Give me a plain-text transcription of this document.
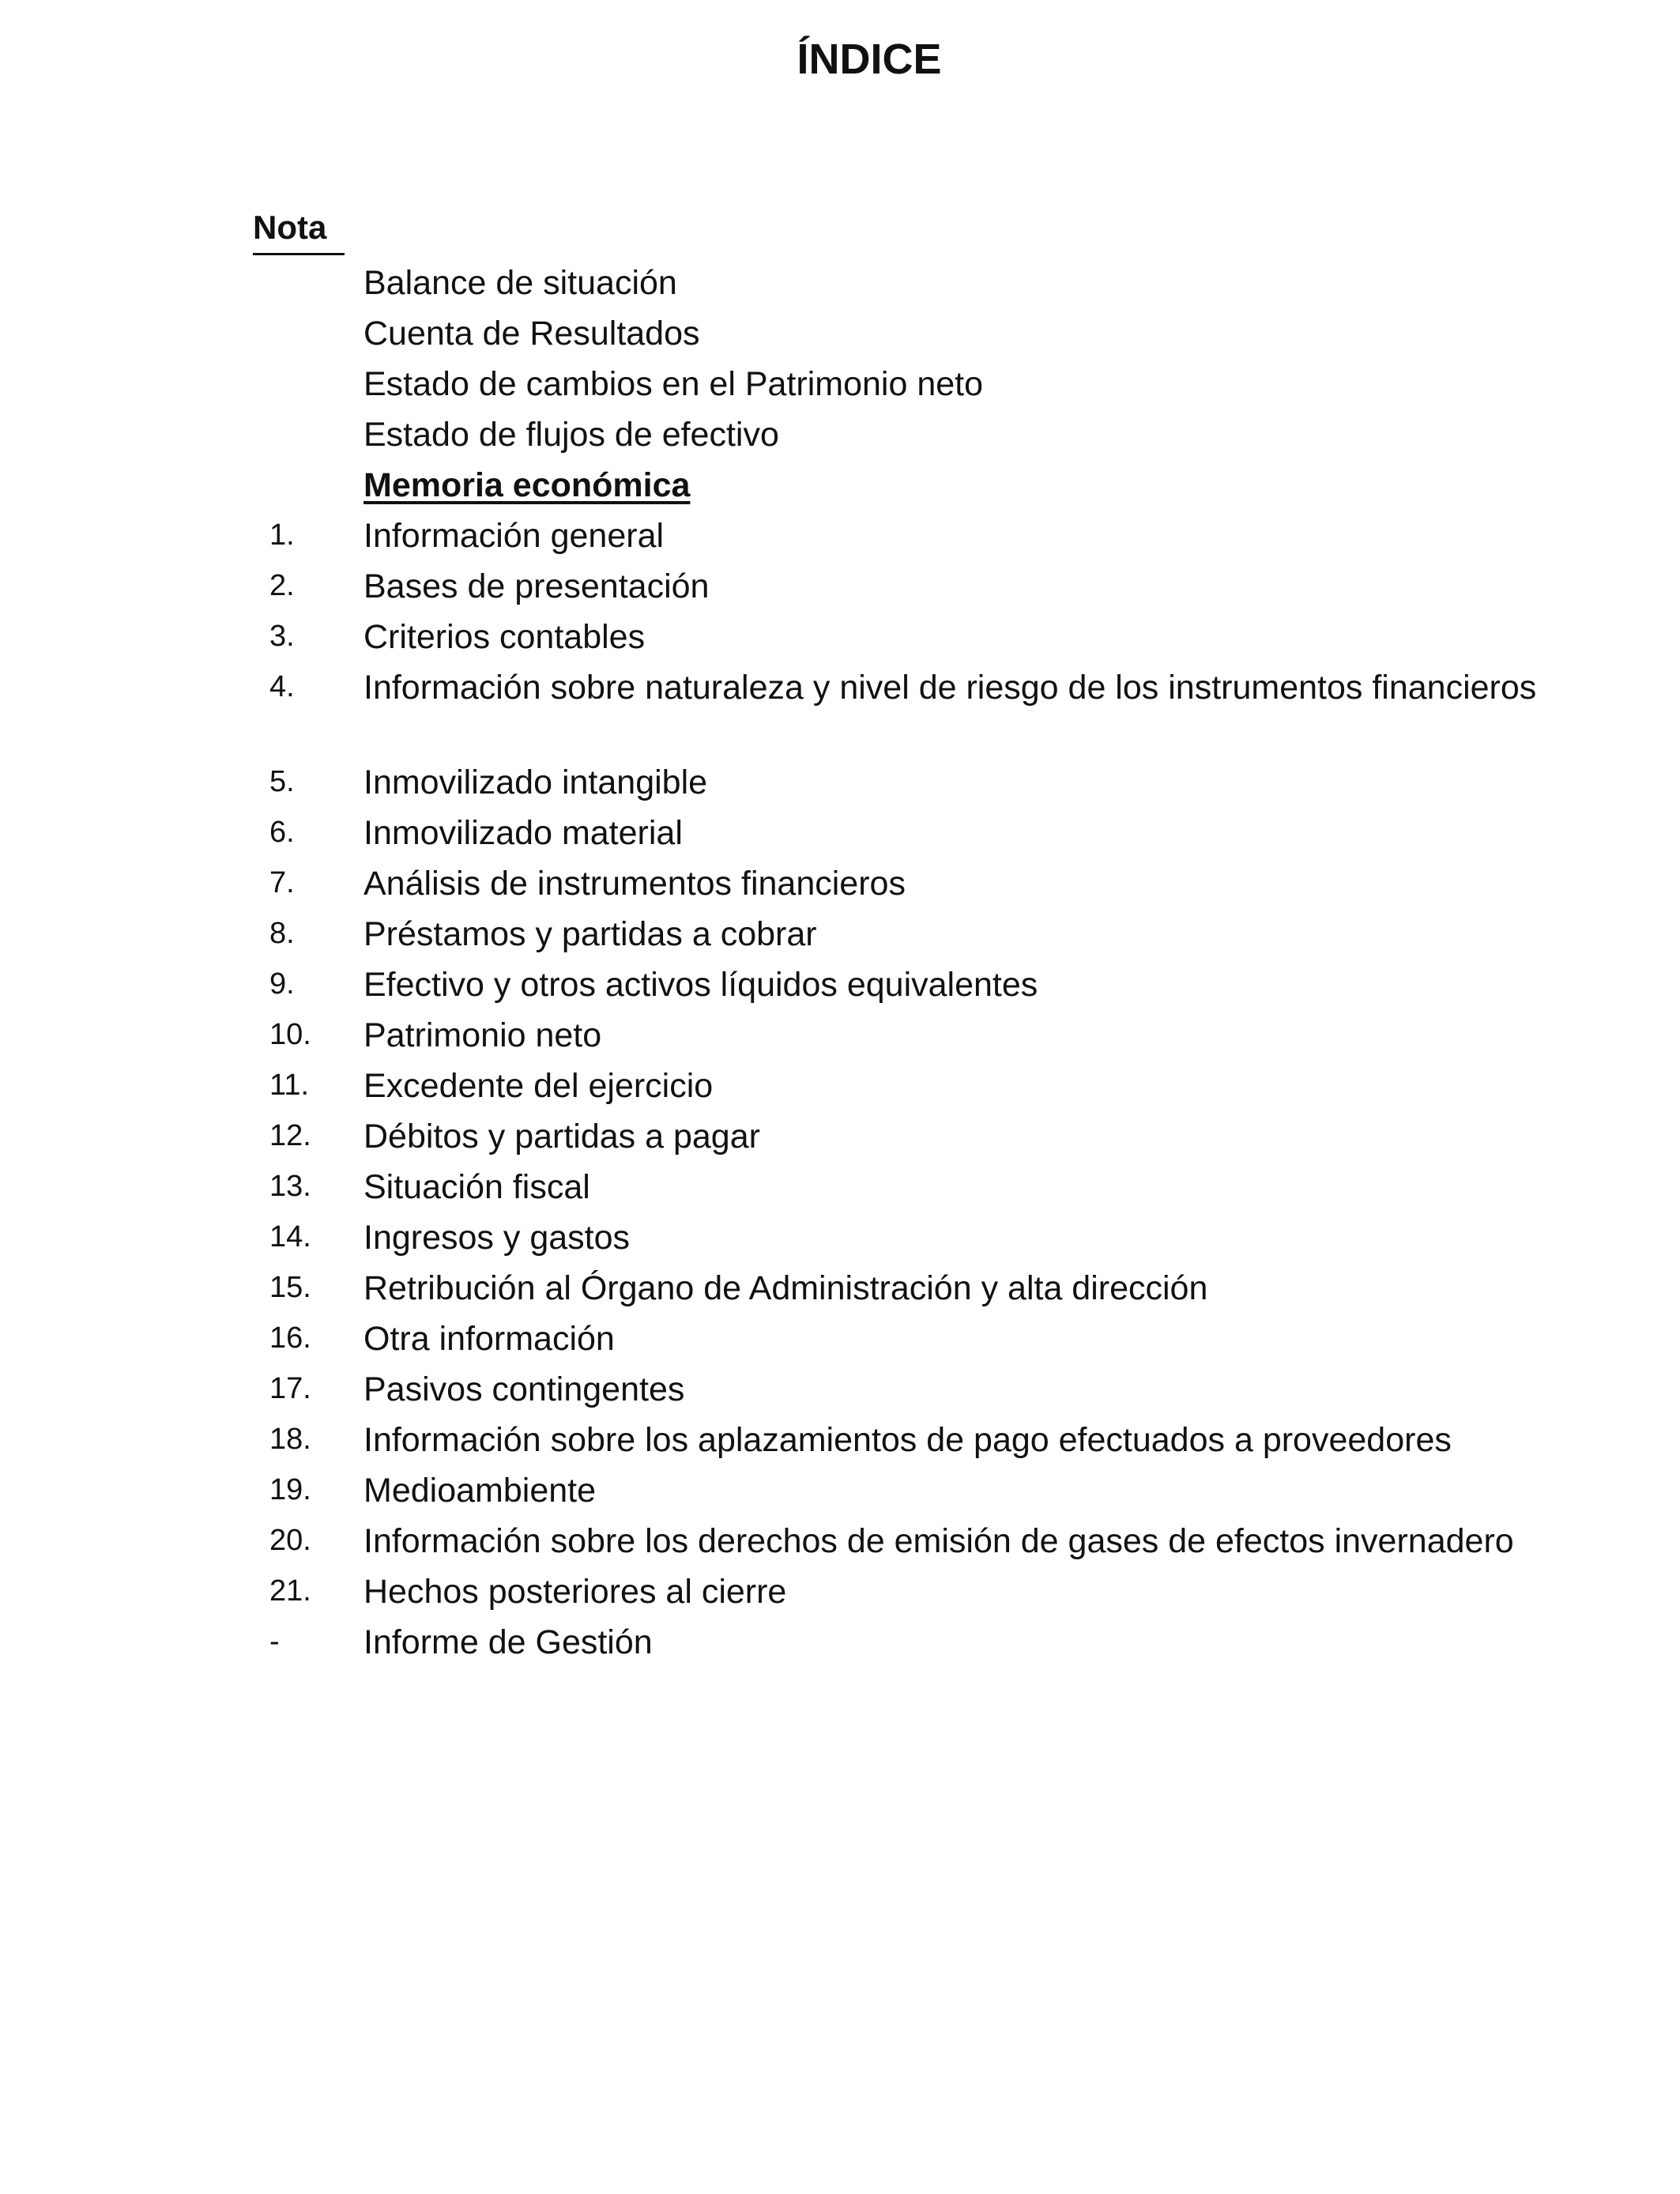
ÍNDICE
Nota
Balance de situación
Cuenta de Resultados
Estado de cambios en el Patrimonio neto
Estado de flujos de efectivo
Memoria económica
1. Información general
2. Bases de presentación
3. Criterios contables
4. Información sobre naturaleza y nivel de riesgo de los instrumentos financieros
5. Inmovilizado intangible
6. Inmovilizado material
7. Análisis de instrumentos financieros
8. Préstamos y partidas a cobrar
9. Efectivo y otros activos líquidos equivalentes
10. Patrimonio neto
11. Excedente del ejercicio
12. Débitos y partidas a pagar
13. Situación fiscal
14. Ingresos y gastos
15. Retribución al Órgano de Administración y alta dirección
16. Otra información
17. Pasivos contingentes
18. Información sobre los aplazamientos de pago efectuados a proveedores
19. Medioambiente
20. Información sobre los derechos de emisión de gases de efectos invernadero
21. Hechos posteriores al cierre
- Informe de Gestión
